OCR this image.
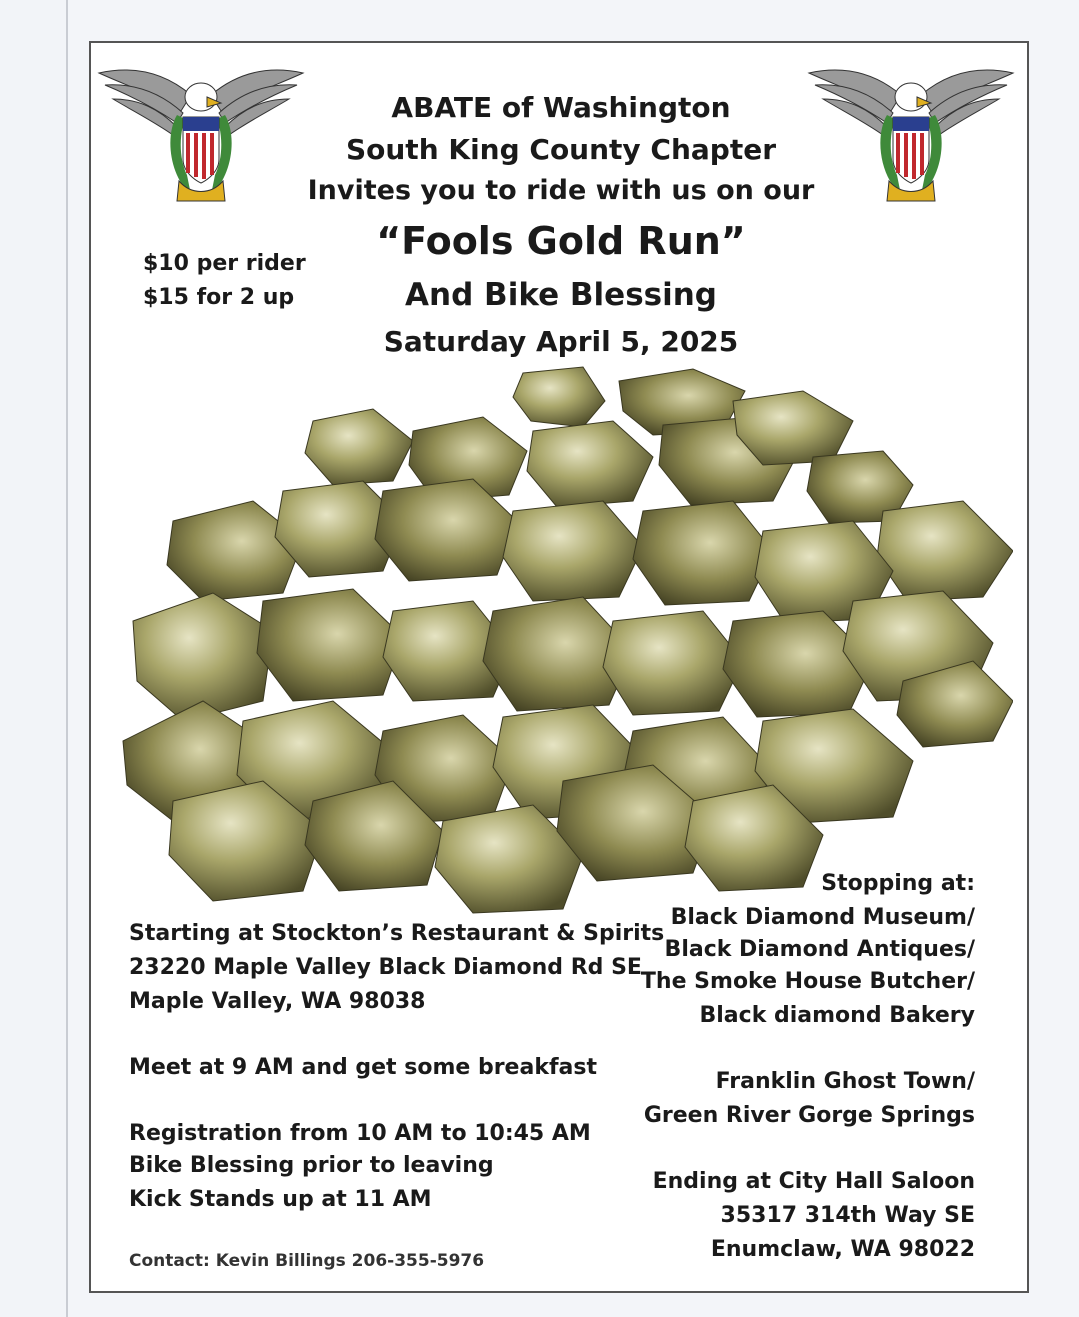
ABATE of Washington
South King County Chapter
Invites you to ride with us on our
“Fools Gold Run”
And Bike Blessing
Saturday April 5, 2025
$10 per rider
$15 for 2 up
Starting at Stockton’s Restaurant & Spirits
23220 Maple Valley Black Diamond Rd SE
Maple Valley, WA 98038
Meet at 9 AM and get some breakfast
Registration from 10 AM to 10:45 AM
Bike Blessing prior to leaving
Kick Stands up at 11 AM
Contact: Kevin Billings 206-355-5976
Stopping at:
Black Diamond Museum/
Black Diamond Antiques/
The Smoke House Butcher/
Black diamond Bakery
Franklin Ghost Town/
Green River Gorge Springs
Ending at City Hall Saloon
35317 314th Way SE
Enumclaw, WA 98022
